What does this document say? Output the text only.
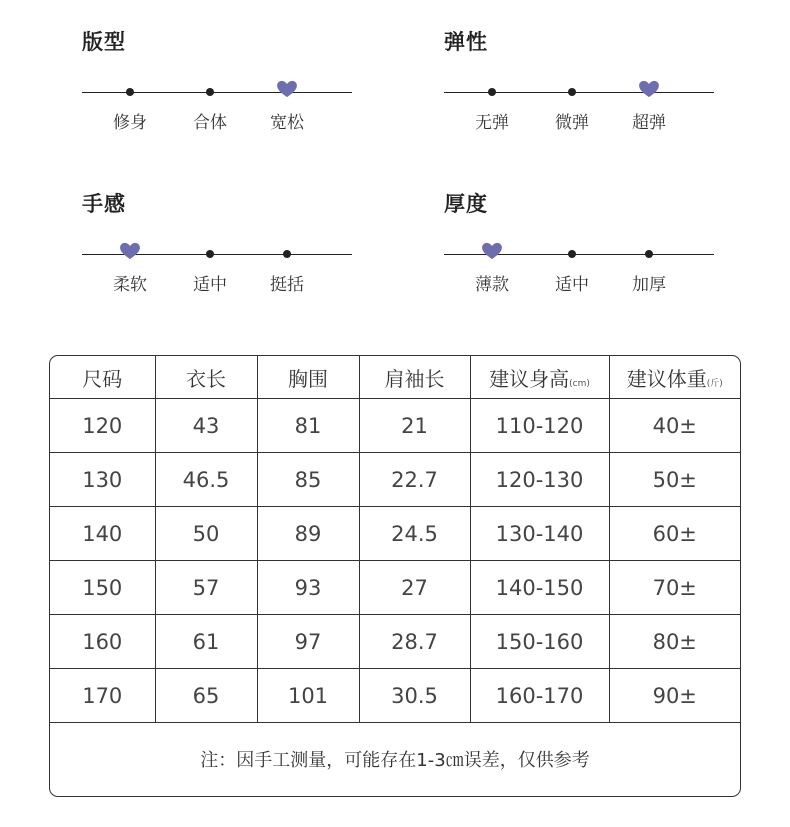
版型
修身	合体	宽松
弹性
无弹	微弹	超弹
手感
柔软	适中	挺括
厚度
薄款	适中	加厚
尺码	衣长	胸围	肩袖长	建议身高(cm)	建议体重(斤)
120	43	81	21	110-120	40±
130	46.5	85	22.7	120-130	50±
140	50	89	24.5	130-140	60±
150	57	93	27	140-150	70±
160	61	97	28.7	150-160	80±
170	65	101	30.5	160-170	90±
注：因手工测量，可能存在1-3㎝误差，仅供参考					
